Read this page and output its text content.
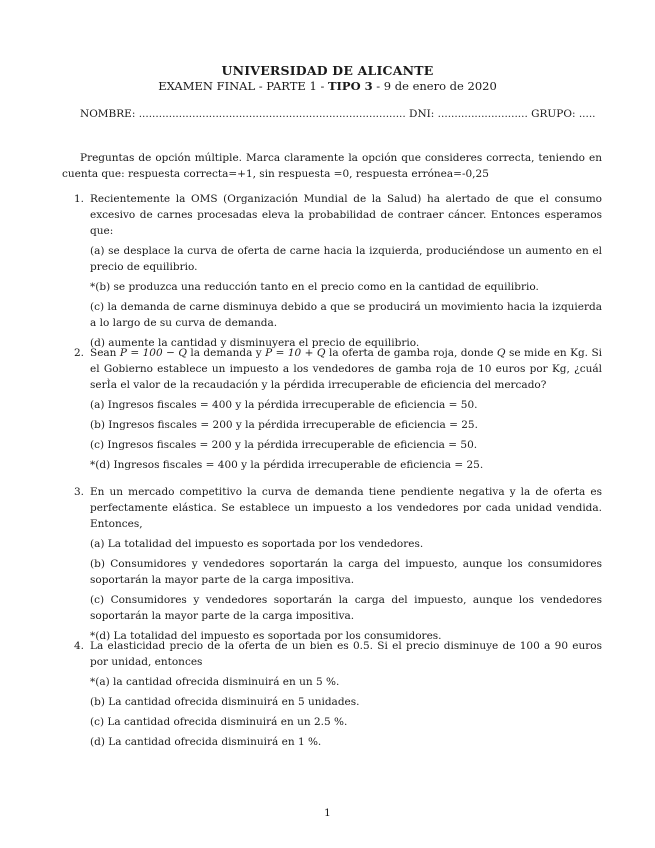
UNIVERSIDAD DE ALICANTE
EXAMEN FINAL - PARTE 1 - TIPO 3 - 9 de enero de 2020
NOMBRE: ................................................................................ DNI: ........................... GRUPO: .....
Preguntas de opción múltiple. Marca claramente la opción que consideres correcta, teniendo en cuenta que: respuesta correcta=+1, sin respuesta =0, respuesta errónea=-0,25
1. Recientemente la OMS (Organización Mundial de la Salud) ha alertado de que el consumo excesivo de carnes procesadas eleva la probabilidad de contraer cáncer. Entonces esperamos que:
(a) se desplace la curva de oferta de carne hacia la izquierda, produciéndose un aumento en el precio de equilibrio.
*(b) se produzca una reducción tanto en el precio como en la cantidad de equilibrio.
(c) la demanda de carne disminuya debido a que se producirá un movimiento hacia la izquierda a lo largo de su curva de demanda.
(d) aumente la cantidad y disminuyera el precio de equilibrio.
2. Sean P = 100 − Q la demanda y P = 10 + Q la oferta de gamba roja, donde Q se mide en Kg. Si el Gobierno establece un impuesto a los vendedores de gamba roja de 10 euros por Kg, ¿cuál serÌa el valor de la recaudación y la pérdida irrecuperable de eficiencia del mercado?
(a) Ingresos fiscales = 400 y la pérdida irrecuperable de eficiencia = 50.
(b) Ingresos fiscales = 200 y la pérdida irrecuperable de eficiencia = 25.
(c) Ingresos fiscales = 200 y la pérdida irrecuperable de eficiencia = 50.
*(d) Ingresos fiscales = 400 y la pérdida irrecuperable de eficiencia = 25.
3. En un mercado competitivo la curva de demanda tiene pendiente negativa y la de oferta es perfectamente elástica. Se establece un impuesto a los vendedores por cada unidad vendida. Entonces,
(a) La totalidad del impuesto es soportada por los vendedores.
(b) Consumidores y vendedores soportarán la carga del impuesto, aunque los consumidores soportarán la mayor parte de la carga impositiva.
(c) Consumidores y vendedores soportarán la carga del impuesto, aunque los vendedores soportarán la mayor parte de la carga impositiva.
*(d) La totalidad del impuesto es soportada por los consumidores.
4. La elasticidad precio de la oferta de un bien es 0.5. Si el precio disminuye de 100 a 90 euros por unidad, entonces
*(a) la cantidad ofrecida disminuirá en un 5 %.
(b) La cantidad ofrecida disminuirá en 5 unidades.
(c) La cantidad ofrecida disminuirá en un 2.5 %.
(d) La cantidad ofrecida disminuirá en 1 %.
1
